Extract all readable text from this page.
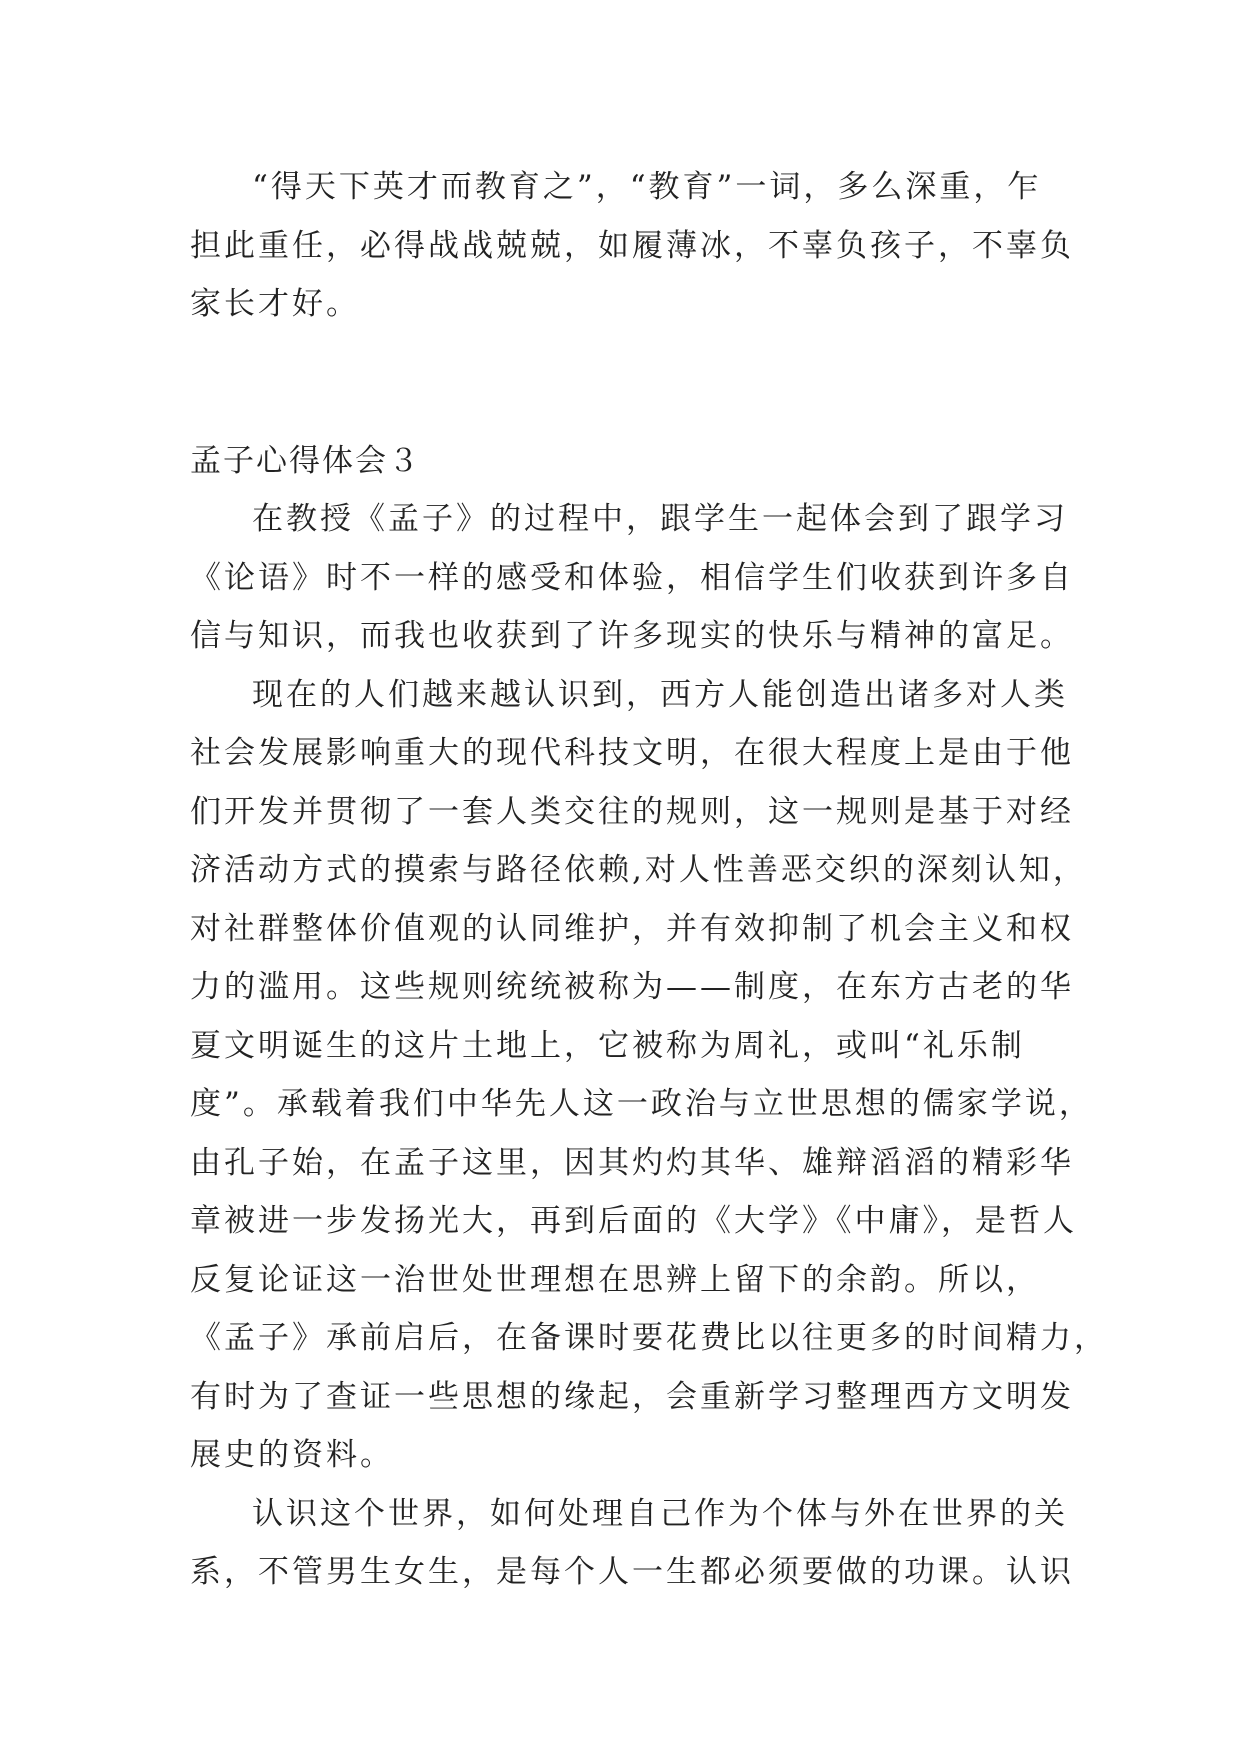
“得天下英才而教育之”，“教育”一词，多么深重，乍
担此重任，必得战战兢兢，如履薄冰，不辜负孩子，不辜负
家长才好。
孟子心得体会３
在教授《孟子》的过程中，跟学生一起体会到了跟学习
《论语》时不一样的感受和体验，相信学生们收获到许多自
信与知识，而我也收获到了许多现实的快乐与精神的富足。
现在的人们越来越认识到，西方人能创造出诸多对人类
社会发展影响重大的现代科技文明，在很大程度上是由于他
们开发并贯彻了一套人类交往的规则，这一规则是基于对经
济活动方式的摸索与路径依赖,对人性善恶交织的深刻认知，
对社群整体价值观的认同维护，并有效抑制了机会主义和权
力的滥用。这些规则统统被称为——制度，在东方古老的华
夏文明诞生的这片土地上，它被称为周礼，或叫“礼乐制
度”。承载着我们中华先人这一政治与立世思想的儒家学说，
由孔子始，在孟子这里，因其灼灼其华、雄辩滔滔的精彩华
章被进一步发扬光大，再到后面的《大学》《中庸》，是哲人
反复论证这一治世处世理想在思辨上留下的余韵。所以，
《孟子》承前启后，在备课时要花费比以往更多的时间精力，
有时为了查证一些思想的缘起，会重新学习整理西方文明发
展史的资料。
认识这个世界，如何处理自己作为个体与外在世界的关
系，不管男生女生，是每个人一生都必须要做的功课。认识
